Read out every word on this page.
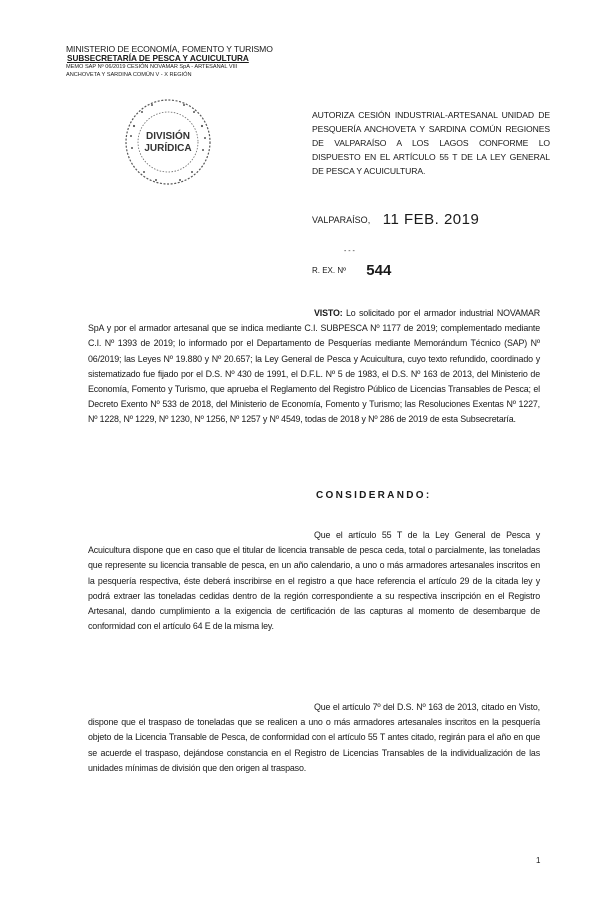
MINISTERIO DE ECONOMÍA, FOMENTO Y TURISMO
SUBSECRETARÍA DE PESCA Y ACUICULTURA
MEMO SAP Nº 06/2019 CESIÓN NOVAMAR SpA - ARTESANAL VIII
ANCHOVETA Y SARDINA COMÚN V - X REGIÓN
DIVISIÓN
JURÍDICA
AUTORIZA CESIÓN INDUSTRIAL-ARTESANAL UNIDAD DE PESQUERÍA ANCHOVETA Y SARDINA COMÚN REGIONES DE VALPARAÍSO A LOS LAGOS CONFORME LO DISPUESTO EN EL ARTÍCULO 55 T DE LA LEY GENERAL DE PESCA Y ACUICULTURA.
VALPARAÍSO, 11 FEB. 2019
- - -
R. EX. Nº 544
VISTO: Lo solicitado por el armador industrial NOVAMAR SpA y por el armador artesanal que se indica mediante C.I. SUBPESCA Nº 1177 de 2019; complementado mediante C.I. Nº 1393 de 2019; lo informado por el Departamento de Pesquerías mediante Memorándum Técnico (SAP) Nº 06/2019; las Leyes Nº 19.880 y Nº 20.657; la Ley General de Pesca y Acuicultura, cuyo texto refundido, coordinado y sistematizado fue fijado por el D.S. Nº 430 de 1991, el D.F.L. Nº 5 de 1983, el D.S. Nº 163 de 2013, del Ministerio de Economía, Fomento y Turismo, que aprueba el Reglamento del Registro Público de Licencias Transables de Pesca; el Decreto Exento Nº 533 de 2018, del Ministerio de Economía, Fomento y Turismo; las Resoluciones Exentas Nº 1227, Nº 1228, Nº 1229, Nº 1230, Nº 1256, Nº 1257 y Nº 4549, todas de 2018 y Nº 286 de 2019 de esta Subsecretaría.
CONSIDERANDO:
Que el artículo 55 T de la Ley General de Pesca y Acuicultura dispone que en caso que el titular de licencia transable de pesca ceda, total o parcialmente, las toneladas que represente su licencia transable de pesca, en un año calendario, a uno o más armadores artesanales inscritos en la pesquería respectiva, éste deberá inscribirse en el registro a que hace referencia el artículo 29 de la citada ley y podrá extraer las toneladas cedidas dentro de la región correspondiente a su respectiva inscripción en el Registro Artesanal, dando cumplimiento a la exigencia de certificación de las capturas al momento de desembarque de conformidad con el artículo 64 E de la misma ley.
Que el artículo 7º del D.S. Nº 163 de 2013, citado en Visto, dispone que el traspaso de toneladas que se realicen a uno o más armadores artesanales inscritos en la pesquería objeto de la Licencia Transable de Pesca, de conformidad con el artículo 55 T antes citado, regirán para el año en que se acuerde el traspaso, dejándose constancia en el Registro de Licencias Transables de la individualización de las unidades mínimas de división que den origen al traspaso.
1
